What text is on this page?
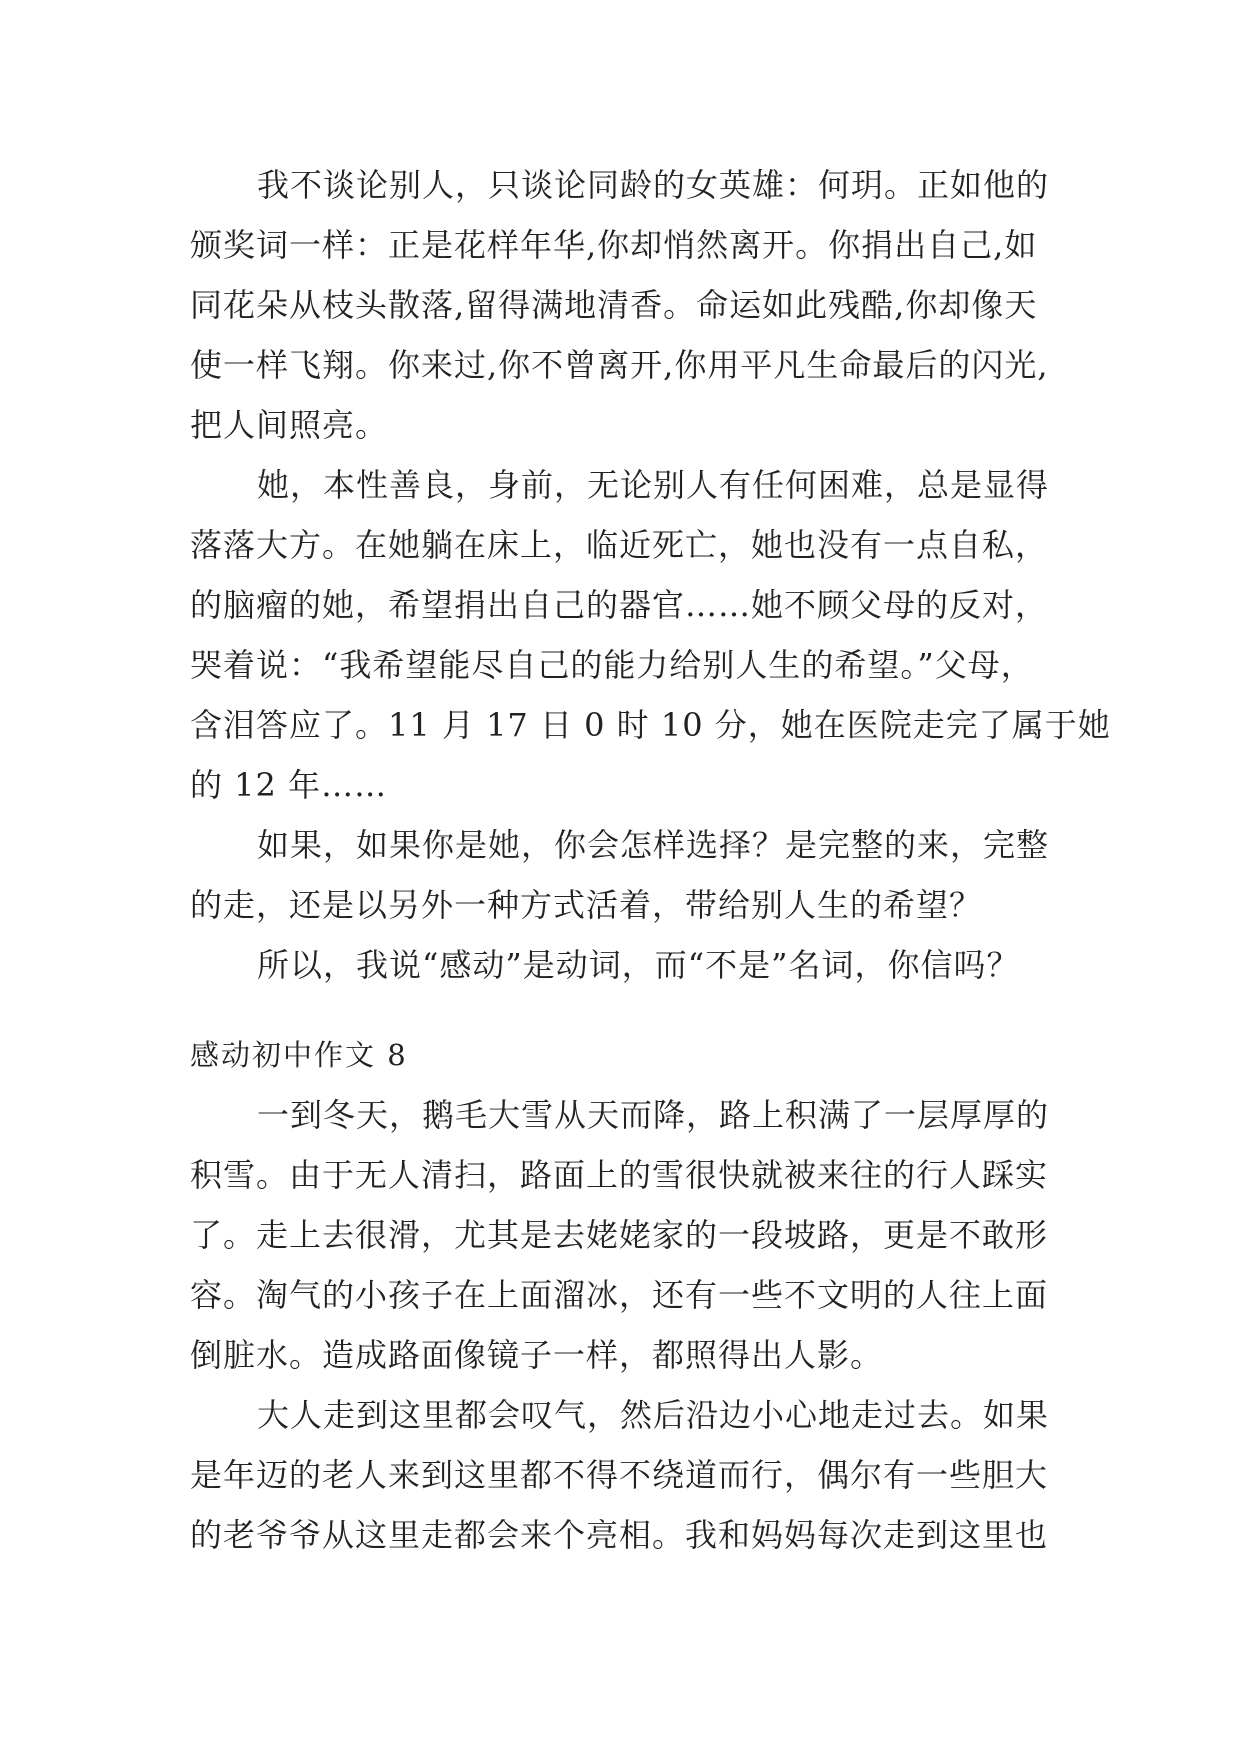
我不谈论别人，只谈论同龄的女英雄：何玥。正如他的
颁奖词一样：正是花样年华,你却悄然离开。你捐出自己,如
同花朵从枝头散落,留得满地清香。命运如此残酷,你却像天
使一样飞翔。你来过,你不曾离开,你用平凡生命最后的闪光,
把人间照亮。
她，本性善良，身前，无论别人有任何困难，总是显得
落落大方。在她躺在床上，临近死亡，她也没有一点自私，
的脑瘤的她，希望捐出自己的器官……她不顾父母的反对，
哭着说：“我希望能尽自己的能力给别人生的希望。”父母，
含泪答应了。11 月 17 日 0 时 10 分，她在医院走完了属于她
的 12 年……
如果，如果你是她，你会怎样选择？是完整的来，完整
的走，还是以另外一种方式活着，带给别人生的希望？
所以，我说“感动”是动词，而“不是”名词，你信吗？
感动初中作文 8
一到冬天，鹅毛大雪从天而降，路上积满了一层厚厚的
积雪。由于无人清扫，路面上的雪很快就被来往的行人踩实
了。走上去很滑，尤其是去姥姥家的一段坡路，更是不敢形
容。淘气的小孩子在上面溜冰，还有一些不文明的人往上面
倒脏水。造成路面像镜子一样，都照得出人影。
大人走到这里都会叹气，然后沿边小心地走过去。如果
是年迈的老人来到这里都不得不绕道而行，偶尔有一些胆大
的老爷爷从这里走都会来个亮相。我和妈妈每次走到这里也
